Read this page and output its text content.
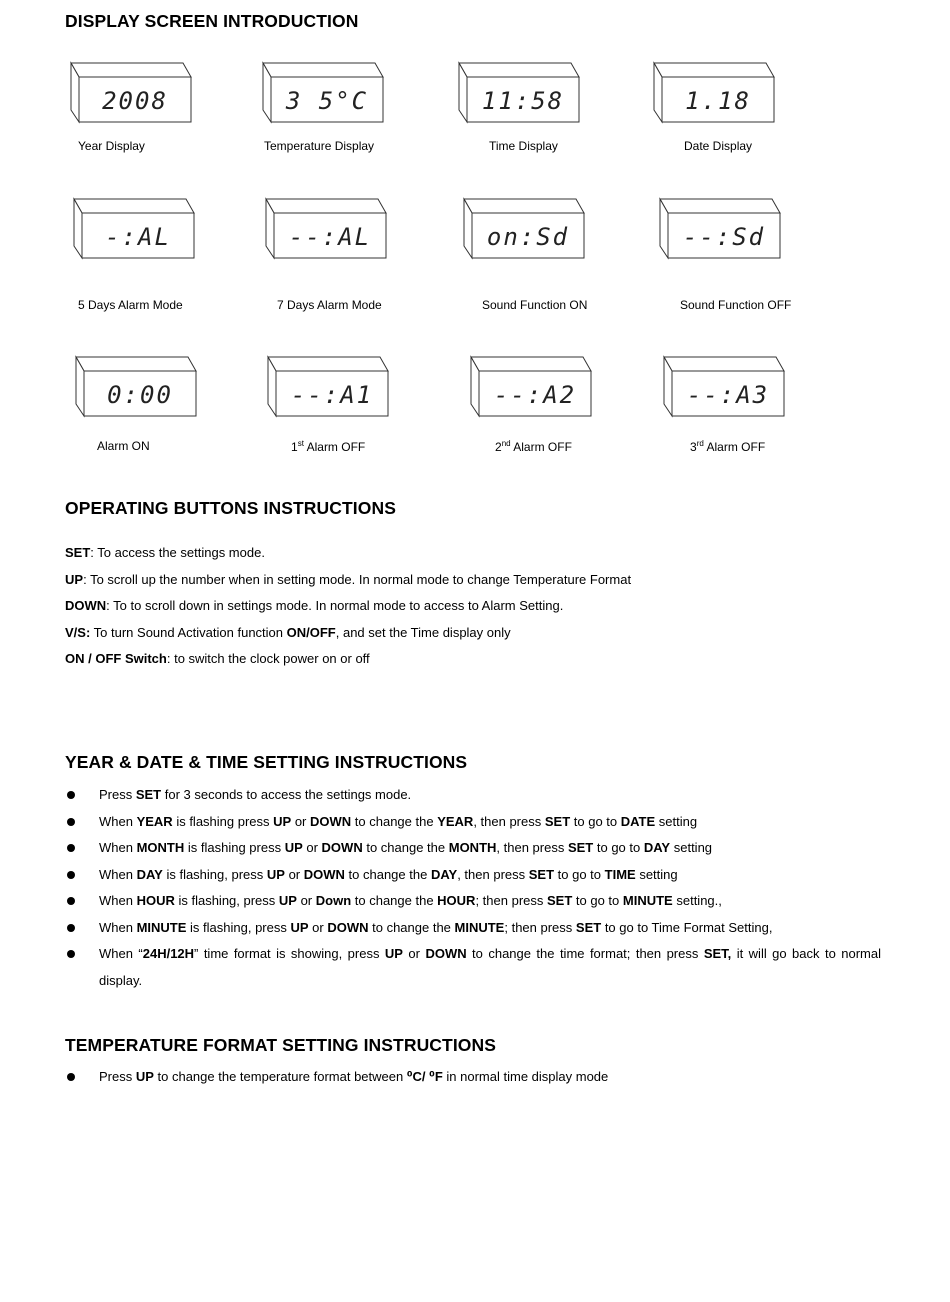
DISPLAY SCREEN INTRODUCTION
2008
Year Display
3 5°C
Temperature Display
11:58
Time Display
1.18
Date Display
-:AL
5 Days Alarm Mode
--:AL
7 Days Alarm Mode
on:Sd
Sound Function ON
--:Sd
Sound Function OFF
0:00
Alarm ON
--:A1
1st Alarm OFF
--:A2
2nd Alarm OFF
--:A3
3rd Alarm OFF
OPERATING BUTTONS INSTRUCTIONS

SET: To access the settings mode.

UP: To scroll up the number when in setting mode. In normal mode to change Temperature Format

DOWN: To to scroll down in settings mode. In normal mode to access to Alarm Setting.

V/S: To turn Sound Activation function ON/OFF, and set the Time display only

ON / OFF Switch: to switch the clock power on or off

YEAR & DATE & TIME SETTING INSTRUCTIONS
Press SET for 3 seconds to access the settings mode.
When YEAR is flashing press UP or DOWN to change the YEAR, then press SET to go to DATE setting
When MONTH is flashing press UP or DOWN to change the MONTH, then press SET to go to DAY setting
When DAY is flashing, press UP or DOWN to change the DAY, then press SET to go to TIME setting
When HOUR is flashing, press UP or Down to change the HOUR; then press SET to go to MINUTE setting.,
When MINUTE is flashing, press UP or DOWN to change the MINUTE; then press SET to go to Time Format Setting,
When “24H/12H” time format is showing, press UP or DOWN to change the time format; then press SET, it will go back to normal display.
TEMPERATURE FORMAT SETTING INSTRUCTIONS
Press UP to change the temperature format between ⁰C/ ⁰F in normal time display mode
